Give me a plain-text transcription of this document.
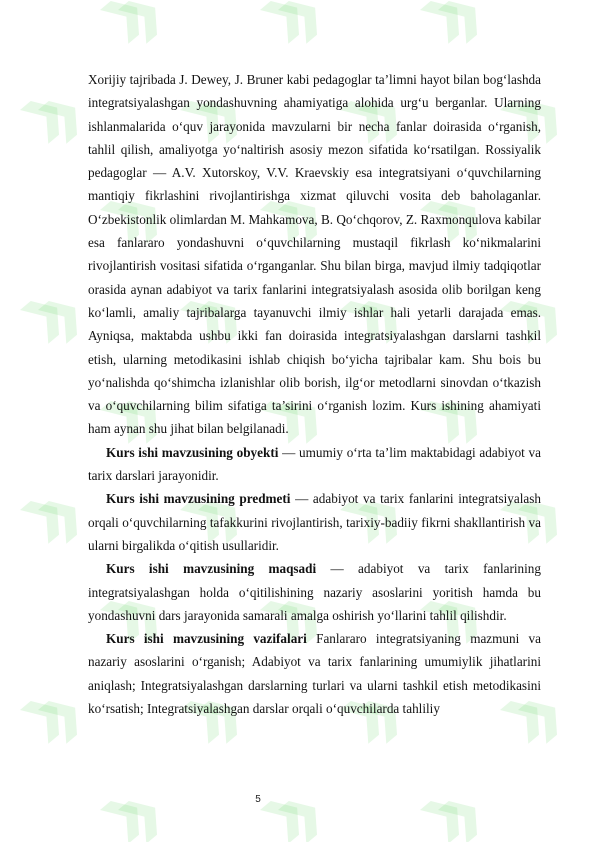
Xorijiy tajribada J. Dewey, J. Bruner kabi pedagoglar ta’limni hayot bilan bog‘lashda integratsiyalashgan yondashuvning ahamiyatiga alohida urg‘u berganlar. Ularning ishlanmalarida o‘quv jarayonida mavzularni bir necha fanlar doirasida o‘rganish, tahlil qilish, amaliyotga yo‘naltirish asosiy mezon sifatida ko‘rsatilgan. Rossiyalik pedagoglar — A.V. Xutorskoy, V.V. Kraevskiy esa integratsiyani o‘quvchilarning mantiqiy fikrlashini rivojlantirishga xizmat qiluvchi vosita deb baholaganlar. O‘zbekistonlik olimlardan M. Mahkamova, B. Qo‘chqorov, Z. Raxmonqulova kabilar esa fanlararo yondashuvni o‘quvchilarning mustaqil fikrlash ko‘nikmalarini rivojlantirish vositasi sifatida o‘rganganlar. Shu bilan birga, mavjud ilmiy tadqiqotlar orasida aynan adabiyot va tarix fanlarini integratsiyalash asosida olib borilgan keng ko‘lamli, amaliy tajribalarga tayanuvchi ilmiy ishlar hali yetarli darajada emas. Ayniqsa, maktabda ushbu ikki fan doirasida integratsiyalashgan darslarni tashkil etish, ularning metodikasini ishlab chiqish bo‘yicha tajribalar kam. Shu bois bu yo‘nalishda qo‘shimcha izlanishlar olib borish, ilg‘or metodlarni sinovdan o‘tkazish va o‘quvchilarning bilim sifatiga ta’sirini o‘rganish lozim. Kurs ishining ahamiyati ham aynan shu jihat bilan belgilanadi.

Kurs ishi mavzusining obyekti — umumiy o‘rta ta’lim maktabidagi adabiyot va tarix darslari jarayonidir.

Kurs ishi mavzusining predmeti — adabiyot va tarix fanlarini integratsiyalash orqali o‘quvchilarning tafakkurini rivojlantirish, tarixiy-badiiy fikrni shakllantirish va ularni birgalikda o‘qitish usullaridir.

Kurs ishi mavzusining maqsadi — adabiyot va tarix fanlarining integratsiyalashgan holda o‘qitilishining nazariy asoslarini yoritish hamda bu yondashuvni dars jarayonida samarali amalga oshirish yo‘llarini tahlil qilishdir.

Kurs ishi mavzusining vazifalari Fanlararo integratsiyaning mazmuni va nazariy asoslarini o‘rganish; Adabiyot va tarix fanlarining umumiylik jihatlarini aniqlash; Integratsiyalashgan darslarning turlari va ularni tashkil etish metodikasini ko‘rsatish; Integratsiyalashgan darslar orqali o‘quvchilarda tahliliy

5
